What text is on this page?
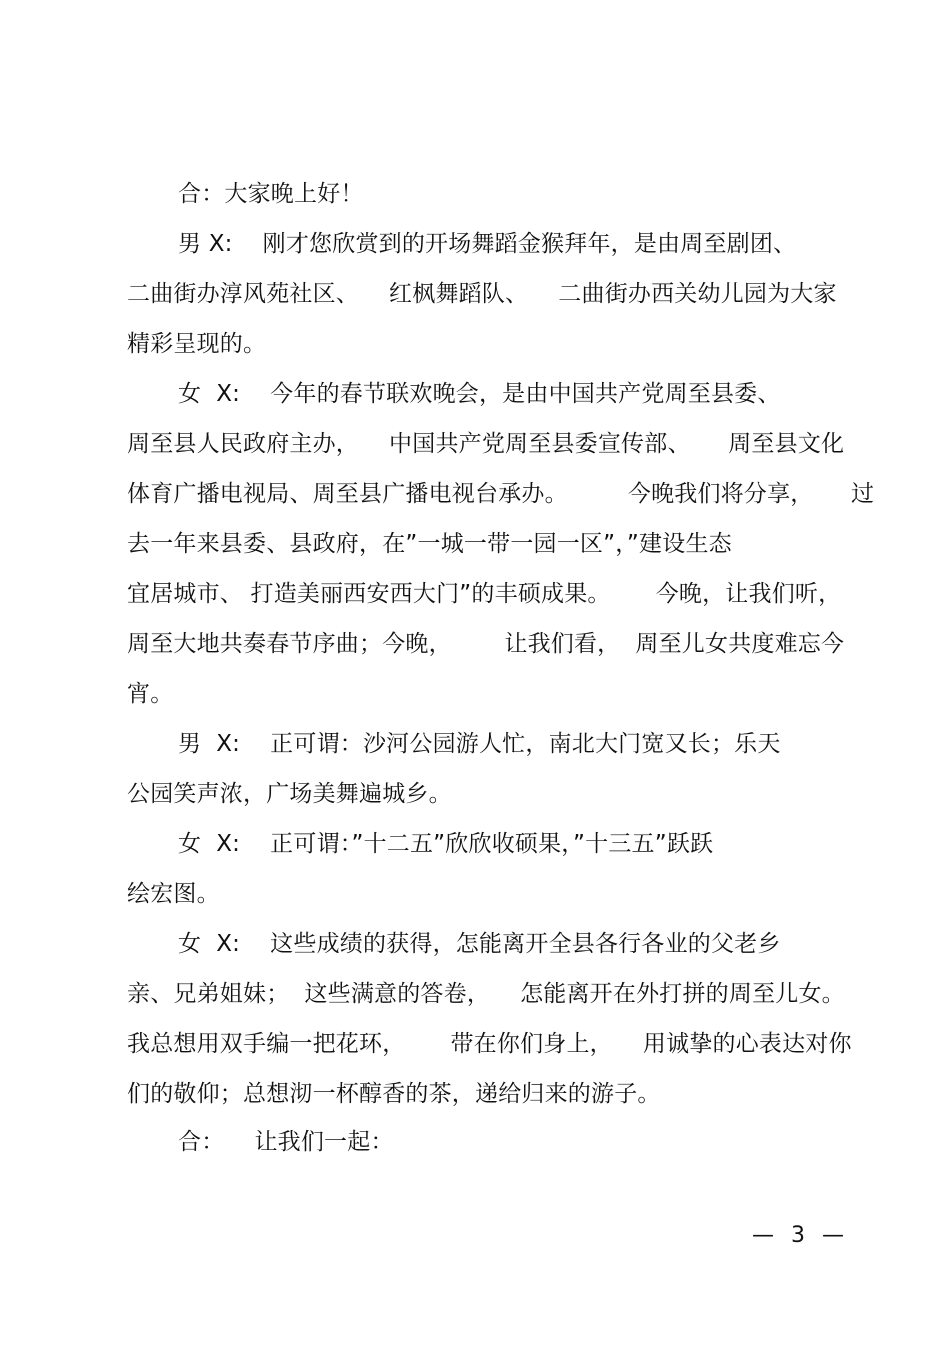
合：大家晚上好！
男 X:    刚才您欣赏到的开场舞蹈金猴拜年，是由周至剧团、
二曲街办淳风苑社区、    红枫舞蹈队、    二曲街办西关幼儿园为大家
精彩呈现的。
女  X:    今年的春节联欢晚会，是由中国共产党周至县委、
周至县人民政府主办，    中国共产党周至县委宣传部、     周至县文化
体育广播电视局、周至县广播电视台承办。        今晚我们将分享，     过
去一年来县委、县政府，在”一城一带一园一区”，”建设生态
宜居城市、 打造美丽西安西大门”的丰硕成果。      今晚，让我们听，
周至大地共奏春节序曲；今晚，       让我们看，  周至儿女共度难忘今
宵。
男  X:    正可谓：沙河公园游人忙，南北大门宽又长；乐天
公园笑声浓，广场美舞遍城乡。
女  X:    正可谓：”十二五”欣欣收硕果，”十三五”跃跃
绘宏图。
女  X:    这些成绩的获得，怎能离开全县各行各业的父老乡
亲、兄弟姐妹；  这些满意的答卷，    怎能离开在外打拼的周至儿女。
我总想用双手编一把花环，      带在你们身上，    用诚挚的心表达对你
们的敬仰；总想沏一杯醇香的茶，递给归来的游子。
合：    让我们一起：
—  3  —
